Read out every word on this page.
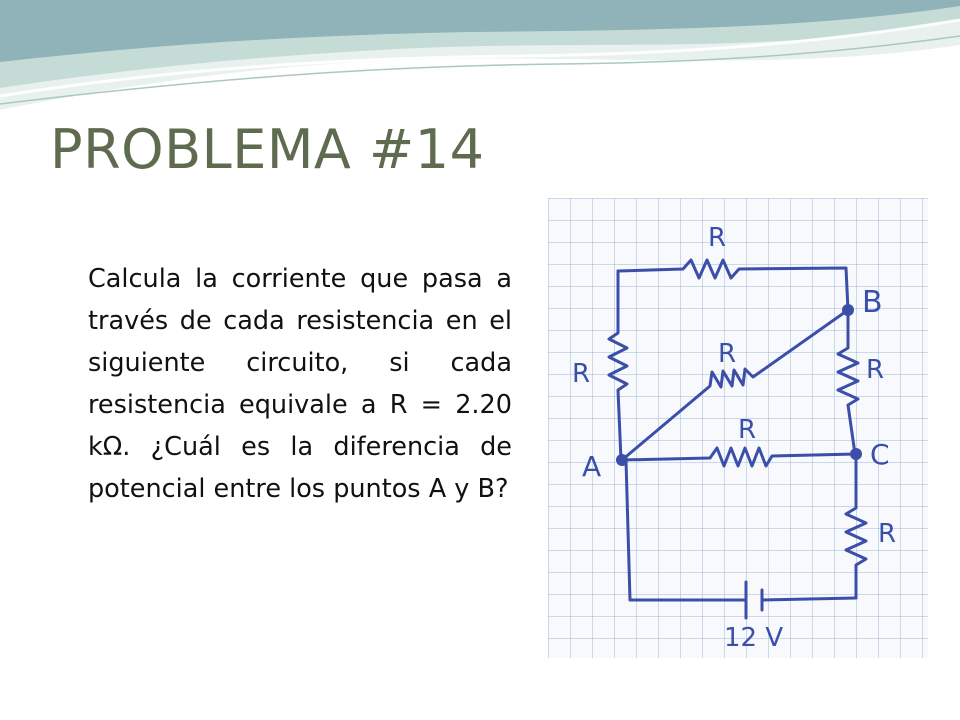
PROBLEMA #14

Calcula la corriente que pasa a través de cada resistencia en el siguiente circuito, si cada resistencia equivale a R = 2.20 kΩ. ¿Cuál es la diferencia de potencial entre los puntos A y B?

R
R
R
R
R
R
A
B
C
12 V
